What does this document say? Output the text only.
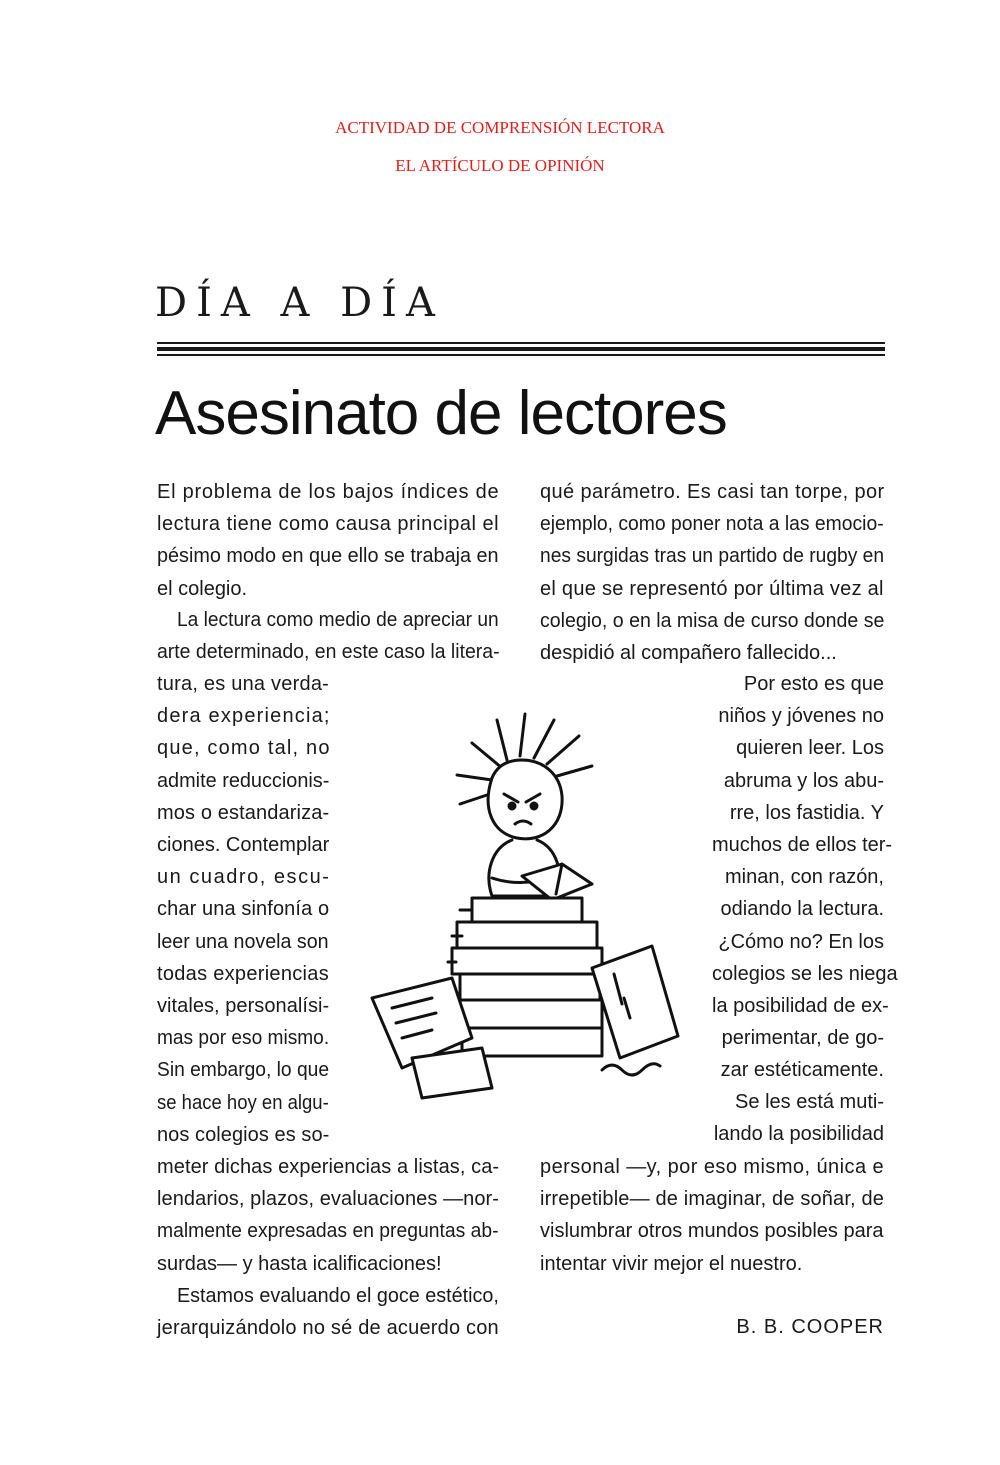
ACTIVIDAD DE COMPRENSIÓN LECTORA
EL ARTÍCULO DE OPINIÓN
DÍA A DÍA
Asesinato de lectores
El problema de los bajos índices de
lectura tiene como causa principal el
pésimo modo en que ello se trabaja en
el colegio.
La lectura como medio de apreciar un
arte determinado, en este caso la litera-
tura, es una verda-
dera experiencia;
que, como tal, no
admite reduccionis-
mos o estandariza-
ciones. Contemplar
un cuadro, escu-
char una sinfonía o
leer una novela son
todas experiencias
vitales, personalísi-
mas por eso mismo.
Sin embargo, lo que
se hace hoy en algu-
nos colegios es so-
meter dichas experiencias a listas, ca-
lendarios, plazos, evaluaciones —nor-
malmente expresadas en preguntas ab-
surdas— y hasta icalificaciones!
Estamos evaluando el goce estético,
jerarquizándolo no sé de acuerdo con
qué parámetro. Es casi tan torpe, por
ejemplo, como poner nota a las emocio-
nes surgidas tras un partido de rugby en
el que se representó por última vez al
colegio, o en la misa de curso donde se
despidió al compañero fallecido...
Por esto es que
niños y jóvenes no
quieren leer. Los
abruma y los abu-
rre, los fastidia. Y
muchos de ellos ter-
minan, con razón,
odiando la lectura.
¿Cómo no? En los
colegios se les niega
la posibilidad de ex-
perimentar, de go-
zar estéticamente.
Se les está muti-
lando la posibilidad
personal —y, por eso mismo, única e
irrepetible— de imaginar, de soñar, de
vislumbrar otros mundos posibles para
intentar vivir mejor el nuestro.
B. B. COOPER
